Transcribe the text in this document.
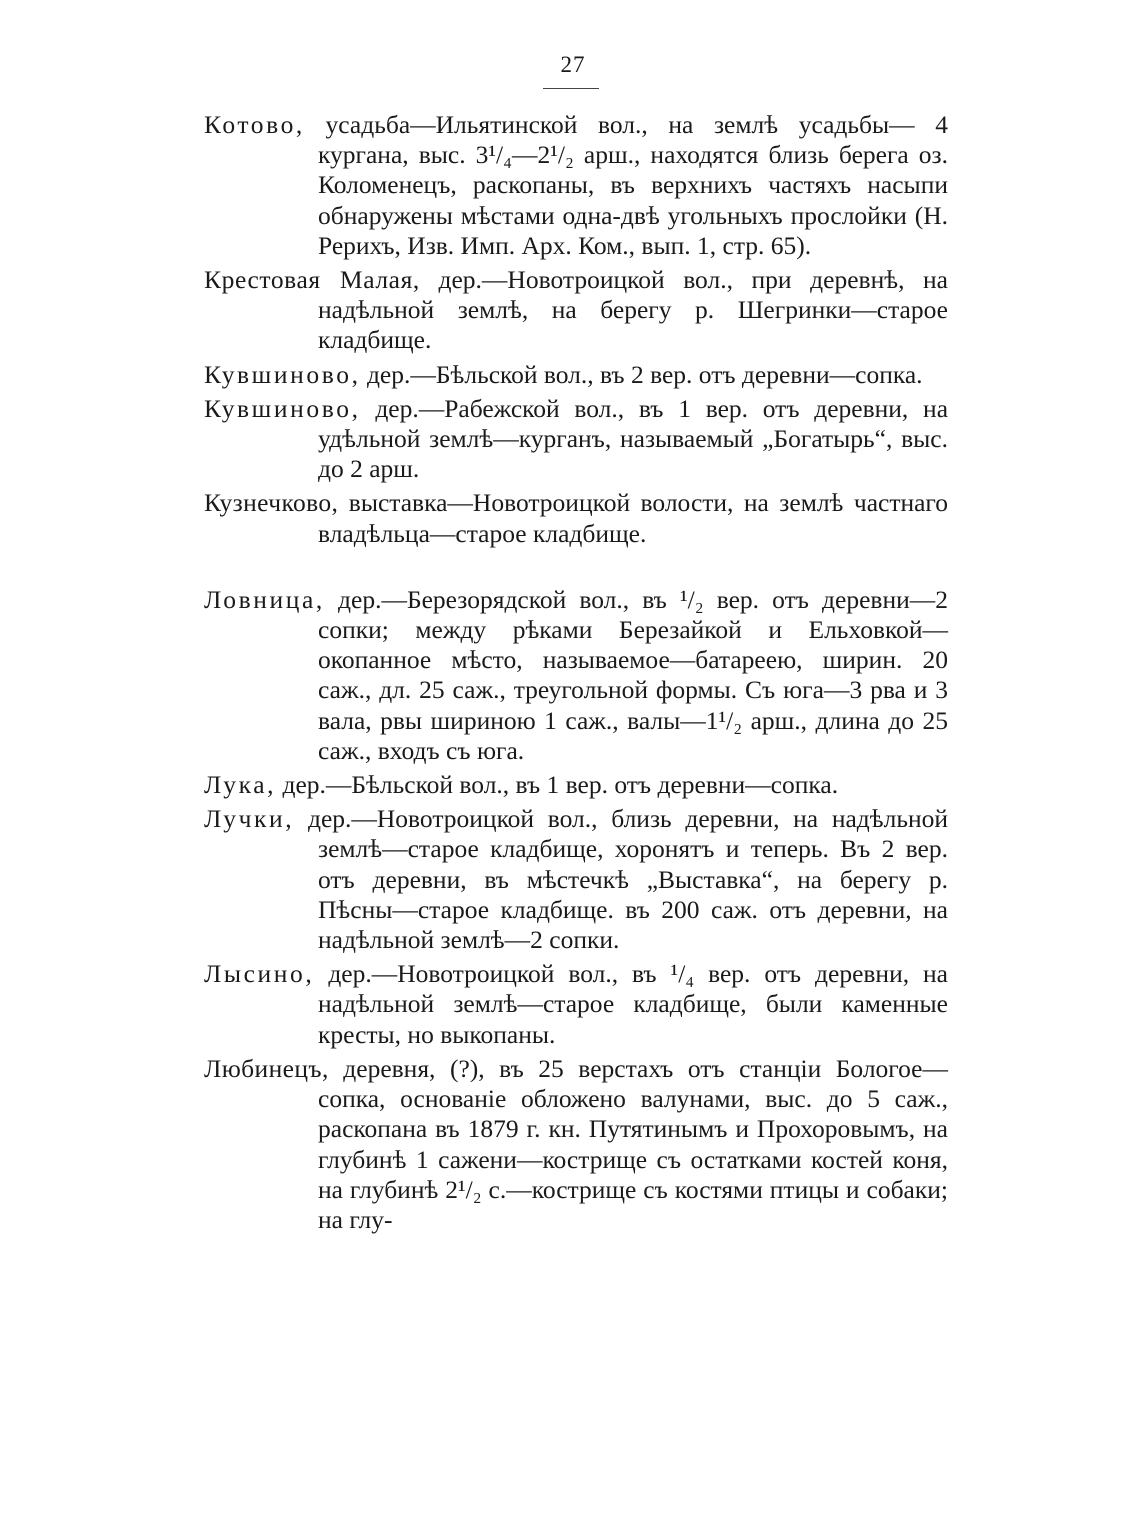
27

Котово, усадьба—Ильятинской вол., на землѣ усадьбы— 4 кургана, выс. 3¹/₄—2¹/₂ арш., находятся близь берега оз. Коломенецъ, раскопаны, въ верхнихъ частяхъ насыпи обнаружены мѣстами одна-двѣ угольныхъ прослойки (Н. Рерихъ, Изв. Имп. Арх. Ком., вып. 1, стр. 65).

Крестовая Малая, дер.—Новотроицкой вол., при деревнѣ, на надѣльной землѣ, на берегу р. Шегринки—старое кладбище.

Кувшиново, дер.—Бѣльской вол., въ 2 вер. отъ деревни—сопка.

Кувшиново, дер.—Рабежской вол., въ 1 вер. отъ деревни, на удѣльной землѣ—курганъ, называемый „Богатырь“, выс. до 2 арш.

Кузнечково, выставка—Новотроицкой волости, на землѣ частнаго владѣльца—старое кладбище.

Ловница, дер.—Березорядской вол., въ ¹/₂ вер. отъ деревни—2 сопки; между рѣками Березайкой и Ельховкой—окопанное мѣсто, называемое—батареею, ширин. 20 саж., дл. 25 саж., треугольной формы. Съ юга—3 рва и 3 вала, рвы шириною 1 саж., валы—1¹/₂ арш., длина до 25 саж., входъ съ юга.

Лука, дер.—Бѣльской вол., въ 1 вер. отъ деревни—сопка.

Лучки, дер.—Новотроицкой вол., близь деревни, на надѣльной землѣ—старое кладбище, хоронятъ и теперь. Въ 2 вер. отъ деревни, въ мѣстечкѣ „Выставка“, на берегу р. Пѣсны—старое кладбище. въ 200 саж. отъ деревни, на надѣльной землѣ—2 сопки.

Лысино, дер.—Новотроицкой вол., въ ¹/₄ вер. отъ деревни, на надѣльной землѣ—старое кладбище, были каменные кресты, но выкопаны.

Любинецъ, деревня, (?), въ 25 верстахъ отъ станціи Бологое—сопка, основаніе обложено валунами, выс. до 5 саж., раскопана въ 1879 г. кн. Путятинымъ и Прохоровымъ, на глубинѣ 1 сажени—кострище съ остатками костей коня, на глубинѣ 2¹/₂ с.—кострище съ костями птицы и собаки; на глу-
